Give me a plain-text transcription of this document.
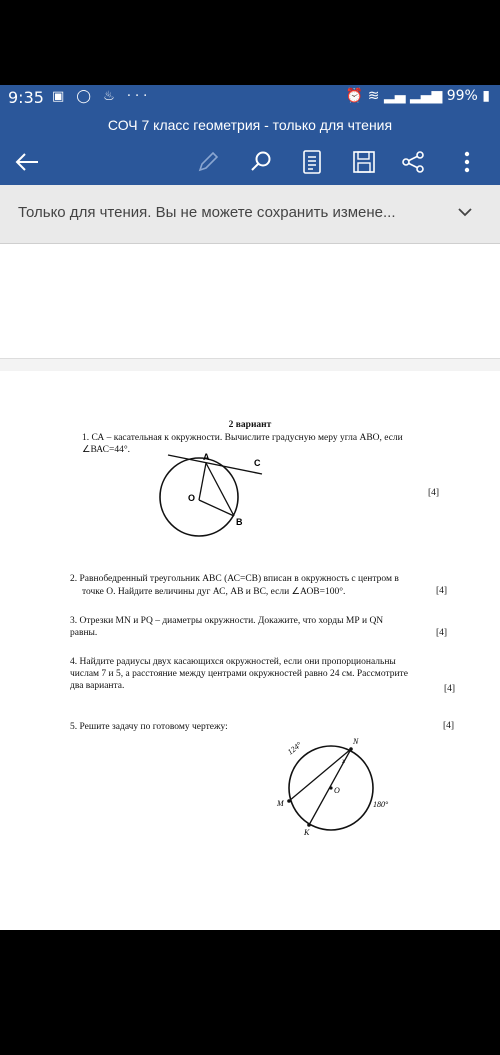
9:35 ▣ ◯ ♨ ···	⏰ ≋ ▂▄ ▂▄▆ 99% ▮
СОЧ 7 класс геометрия - только для чтения
Только для чтения. Вы не можете сохранить измене...
2 вариант
1. СА – касательная к окружности. Вычислите градусную меру угла АВО, если
∠ВАС=44°.
[4]
A
C
O
B
2. Равнобедренный треугольник АВС (АС=СВ) вписан в окружность с центром в
точке О. Найдите величины дуг АС, АВ и ВС, если ∠АОВ=100°.	[4]
3. Отрезки MN и PQ – диаметры окружности. Докажите, что хорды МР и QN
равны.	[4]
4. Найдите радиусы двух касающихся окружностей, если они пропорциональны
числам 7 и 5, а расстояние между центрами окружностей равно 24 см. Рассмотрите
два варианта.	[4]
5. Решите задачу по готовому чертежу:	[4]
124°
180°
N
M
K
O
x
